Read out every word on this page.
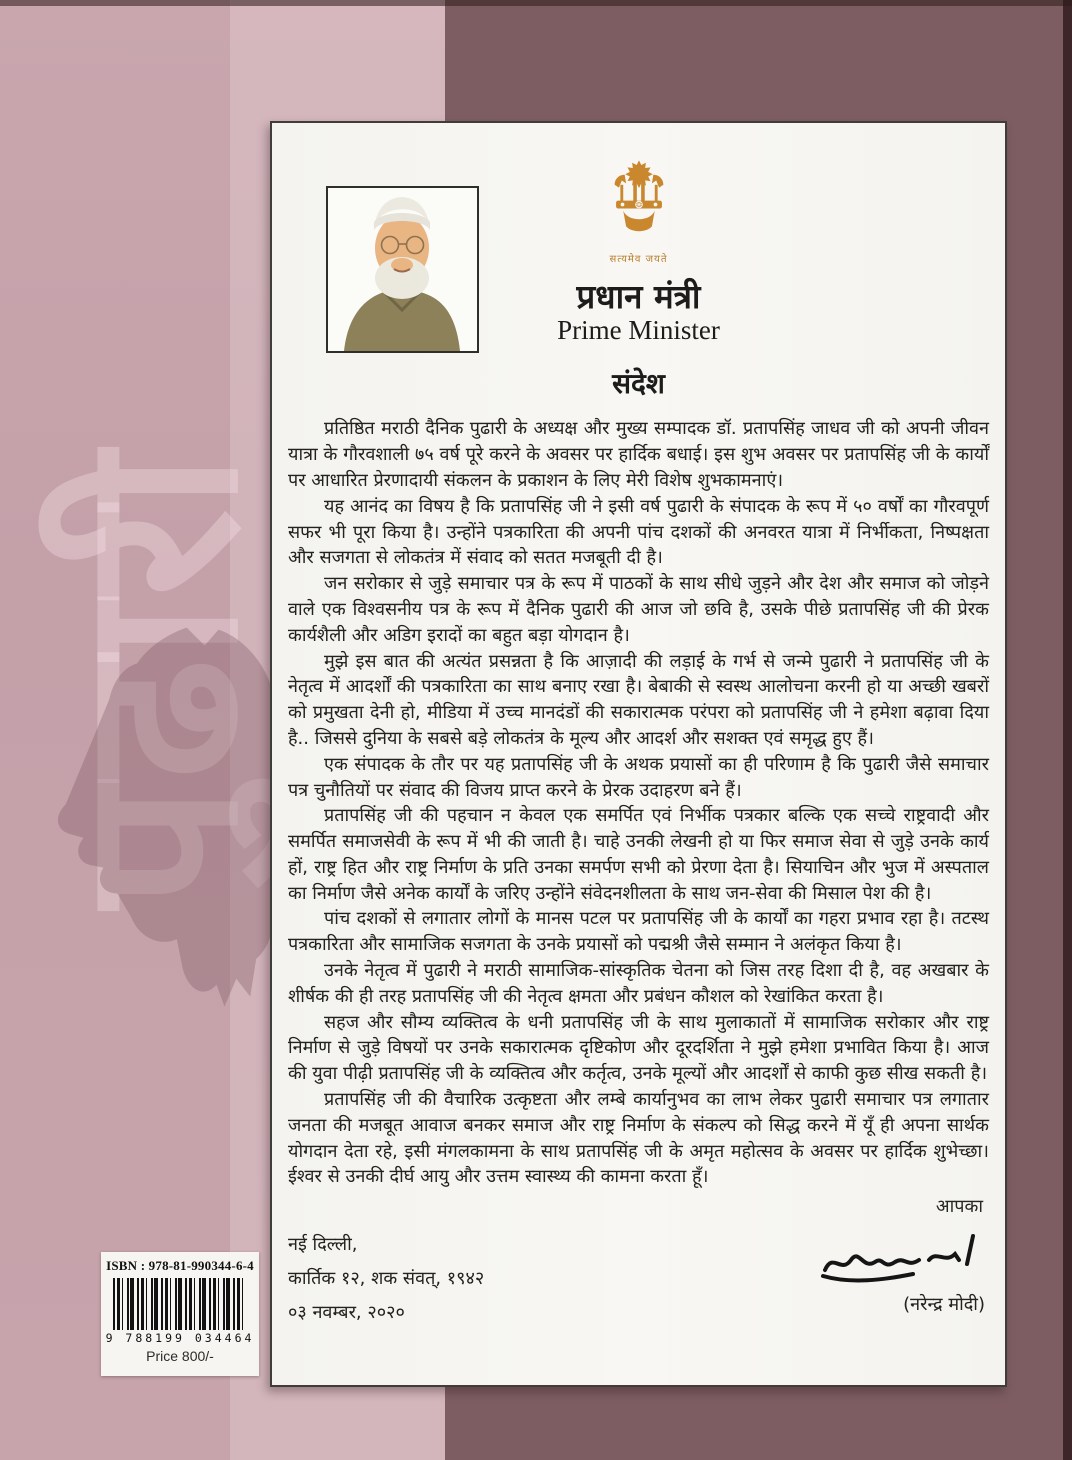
ISBN : 978-81-990344-6-4
9 788199 034464
Price 800/-
सत्यमेव जयते
प्रधान मंत्री
Prime Minister
संदेश

प्रतिष्ठित मराठी दैनिक पुढारी के अध्यक्ष और मुख्य सम्पादक डॉ. प्रतापसिंह जाधव जी को अपनी जीवन यात्रा के गौरवशाली ७५ वर्ष पूरे करने के अवसर पर हार्दिक बधाई। इस शुभ अवसर पर प्रतापसिंह जी के कार्यों पर आधारित प्रेरणादायी संकलन के प्रकाशन के लिए मेरी विशेष शुभकामनाएं।

यह आनंद का विषय है कि प्रतापसिंह जी ने इसी वर्ष पुढारी के संपादक के रूप में ५० वर्षों का गौरवपूर्ण सफर भी पूरा किया है। उन्होंने पत्रकारिता की अपनी पांच दशकों की अनवरत यात्रा में निर्भीकता, निष्पक्षता और सजगता से लोकतंत्र में संवाद को सतत मजबूती दी है।

जन सरोकार से जुड़े समाचार पत्र के रूप में पाठकों के साथ सीधे जुड़ने और देश और समाज को जोड़ने वाले एक विश्वसनीय पत्र के रूप में दैनिक पुढारी की आज जो छवि है, उसके पीछे प्रतापसिंह जी की प्रेरक कार्यशैली और अडिग इरादों का बहुत बड़ा योगदान है।

मुझे इस बात की अत्यंत प्रसन्नता है कि आज़ादी की लड़ाई के गर्भ से जन्मे पुढारी ने प्रतापसिंह जी के नेतृत्व में आदर्शों की पत्रकारिता का साथ बनाए रखा है। बेबाकी से स्वस्थ आलोचना करनी हो या अच्छी खबरों को प्रमुखता देनी हो, मीडिया में उच्च मानदंडों की सकारात्मक परंपरा को प्रतापसिंह जी ने हमेशा बढ़ावा दिया है.. जिससे दुनिया के सबसे बड़े लोकतंत्र के मूल्य और आदर्श और सशक्त एवं समृद्ध हुए हैं।

एक संपादक के तौर पर यह प्रतापसिंह जी के अथक प्रयासों का ही परिणाम है कि पुढारी जैसे समाचार पत्र चुनौतियों पर संवाद की विजय प्राप्त करने के प्रेरक उदाहरण बने हैं।

प्रतापसिंह जी की पहचान न केवल एक समर्पित एवं निर्भीक पत्रकार बल्कि एक सच्चे राष्ट्रवादी और समर्पित समाजसेवी के रूप में भी की जाती है। चाहे उनकी लेखनी हो या फिर समाज सेवा से जुड़े उनके कार्य हों, राष्ट्र हित और राष्ट्र निर्माण के प्रति उनका समर्पण सभी को प्रेरणा देता है। सियाचिन और भुज में अस्पताल का निर्माण जैसे अनेक कार्यों के जरिए उन्होंने संवेदनशीलता के साथ जन-सेवा की मिसाल पेश की है।

पांच दशकों से लगातार लोगों के मानस पटल पर प्रतापसिंह जी के कार्यों का गहरा प्रभाव रहा है। तटस्थ पत्रकारिता और सामाजिक सजगता के उनके प्रयासों को पद्मश्री जैसे सम्मान ने अलंकृत किया है।

उनके नेतृत्व में पुढारी ने मराठी सामाजिक-सांस्कृतिक चेतना को जिस तरह दिशा दी है, वह अखबार के शीर्षक की ही तरह प्रतापसिंह जी की नेतृत्व क्षमता और प्रबंधन कौशल को रेखांकित करता है।

सहज और सौम्य व्यक्तित्व के धनी प्रतापसिंह जी के साथ मुलाकातों में सामाजिक सरोकार और राष्ट्र निर्माण से जुड़े विषयों पर उनके सकारात्मक दृष्टिकोण और दूरदर्शिता ने मुझे हमेशा प्रभावित किया है। आज की युवा पीढ़ी प्रतापसिंह जी के व्यक्तित्व और कर्तृत्व, उनके मूल्यों और आदर्शों से काफी कुछ सीख सकती है।

प्रतापसिंह जी की वैचारिक उत्कृष्टता और लम्बे कार्यानुभव का लाभ लेकर पुढारी समाचार पत्र लगातार जनता की मजबूत आवाज बनकर समाज और राष्ट्र निर्माण के संकल्प को सिद्ध करने में यूँ ही अपना सार्थक योगदान देता रहे, इसी मंगलकामना के साथ प्रतापसिंह जी के अमृत महोत्सव के अवसर पर हार्दिक शुभेच्छा। ईश्वर से उनकी दीर्घ आयु और उत्तम स्वास्थ्य की कामना करता हूँ।

आपका
नई दिल्ली,
कार्तिक १२, शक संवत्, १९४२
०३ नवम्बर, २०२०	(नरेन्द्र मोदी)
